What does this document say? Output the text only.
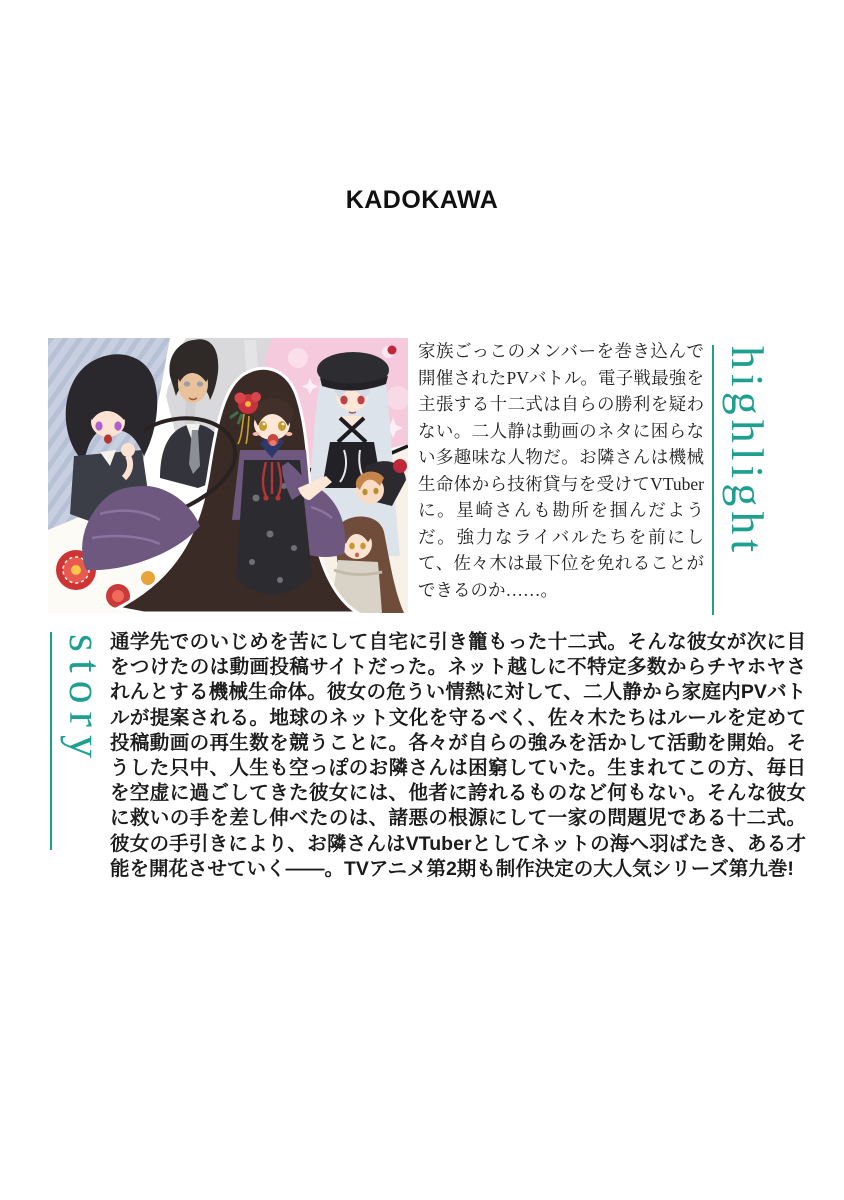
KADOKAWA

家族ごっこのメンバーを巻き込んで開催されたPVバトル。電子戦最強を主張する十二式は自らの勝利を疑わない。二人静は動画のネタに困らない多趣味な人物だ。お隣さんは機械生命体から技術貸与を受けてVTuberに。星崎さんも勘所を掴んだようだ。強力なライバルたちを前にして、佐々木は最下位を免れることができるのか……。

highlight
story 通学先でのいじめを苦にして自宅に引き籠もった十二式。そんな彼女が次に目をつけたのは動画投稿サイトだった。ネット越しに不特定多数からチヤホヤされんとする機械生命体。彼女の危うい情熱に対して、二人静から家庭内PVバトルが提案される。地球のネット文化を守るべく、佐々木たちはルールを定めて投稿動画の再生数を競うことに。各々が自らの強みを活かして活動を開始。そうした只中、人生も空っぽのお隣さんは困窮していた。生まれてこの方、毎日を空虚に過ごしてきた彼女には、他者に誇れるものなど何もない。そんな彼女に救いの手を差し伸べたのは、諸悪の根源にして一家の問題児である十二式。彼女の手引きにより、お隣さんはVTuberとしてネットの海へ羽ばたき、ある才能を開花させていく――。TVアニメ第2期も制作決定の大人気シリーズ第九巻!
